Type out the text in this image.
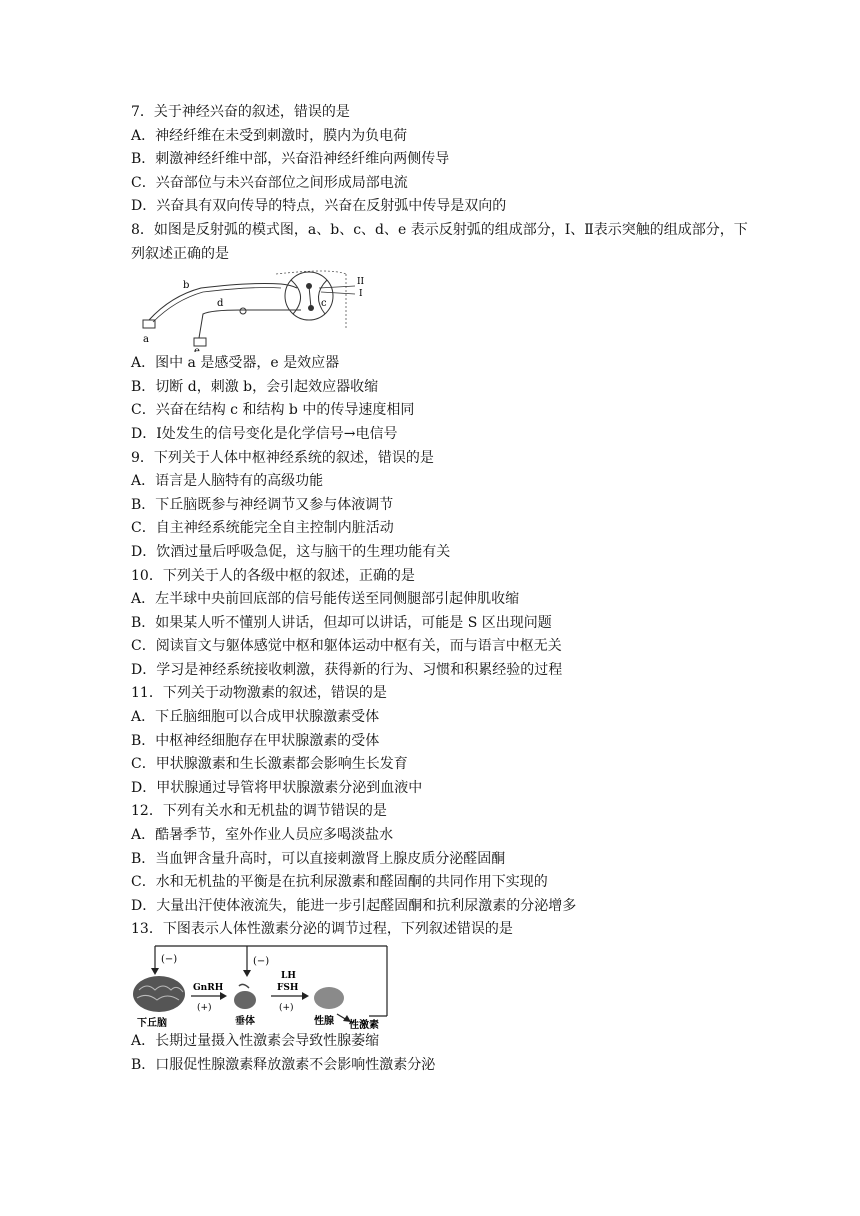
7．关于神经兴奋的叙述，错误的是
A．神经纤维在未受到刺激时，膜内为负电荷
B．刺激神经纤维中部，兴奋沿神经纤维向两侧传导
C．兴奋部位与未兴奋部位之间形成局部电流
D．兴奋具有双向传导的特点，兴奋在反射弧中传导是双向的
8．如图是反射弧的模式图，a、b、c、d、e 表示反射弧的组成部分，Ⅰ、Ⅱ表示突触的组成部分，下列叙述正确的是
a
b
c
d
e
II
I
A．图中 a 是感受器，e 是效应器
B．切断 d，刺激 b，会引起效应器收缩
C．兴奋在结构 c 和结构 b 中的传导速度相同
D．Ⅰ处发生的信号变化是化学信号→电信号
9．下列关于人体中枢神经系统的叙述，错误的是
A．语言是人脑特有的高级功能
B．下丘脑既参与神经调节又参与体液调节
C．自主神经系统能完全自主控制内脏活动
D．饮酒过量后呼吸急促，这与脑干的生理功能有关
10．下列关于人的各级中枢的叙述，正确的是
A．左半球中央前回底部的信号能传送至同侧腿部引起伸肌收缩
B．如果某人听不懂别人讲话，但却可以讲话，可能是 S 区出现问题
C．阅读盲文与躯体感觉中枢和躯体运动中枢有关，而与语言中枢无关
D．学习是神经系统接收刺激，获得新的行为、习惯和积累经验的过程
11．下列关于动物激素的叙述，错误的是
A．下丘脑细胞可以合成甲状腺激素受体
B．中枢神经细胞存在甲状腺激素的受体
C．甲状腺激素和生长激素都会影响生长发育
D．甲状腺通过导管将甲状腺激素分泌到血液中
12．下列有关水和无机盐的调节错误的是
A．酷暑季节，室外作业人员应多喝淡盐水
B．当血钾含量升高时，可以直接刺激肾上腺皮质分泌醛固酮
C．水和无机盐的平衡是在抗利尿激素和醛固酮的共同作用下实现的
D．大量出汗使体液流失，能进一步引起醛固酮和抗利尿激素的分泌增多
13．下图表示人体性激素分泌的调节过程，下列叙述错误的是
(−)	(−)
下丘脑
GnRH
(+)
垂体
LH
FSH
(+)
性腺 性激素
A．长期过量摄入性激素会导致性腺萎缩
B．口服促性腺激素释放激素不会影响性激素分泌
